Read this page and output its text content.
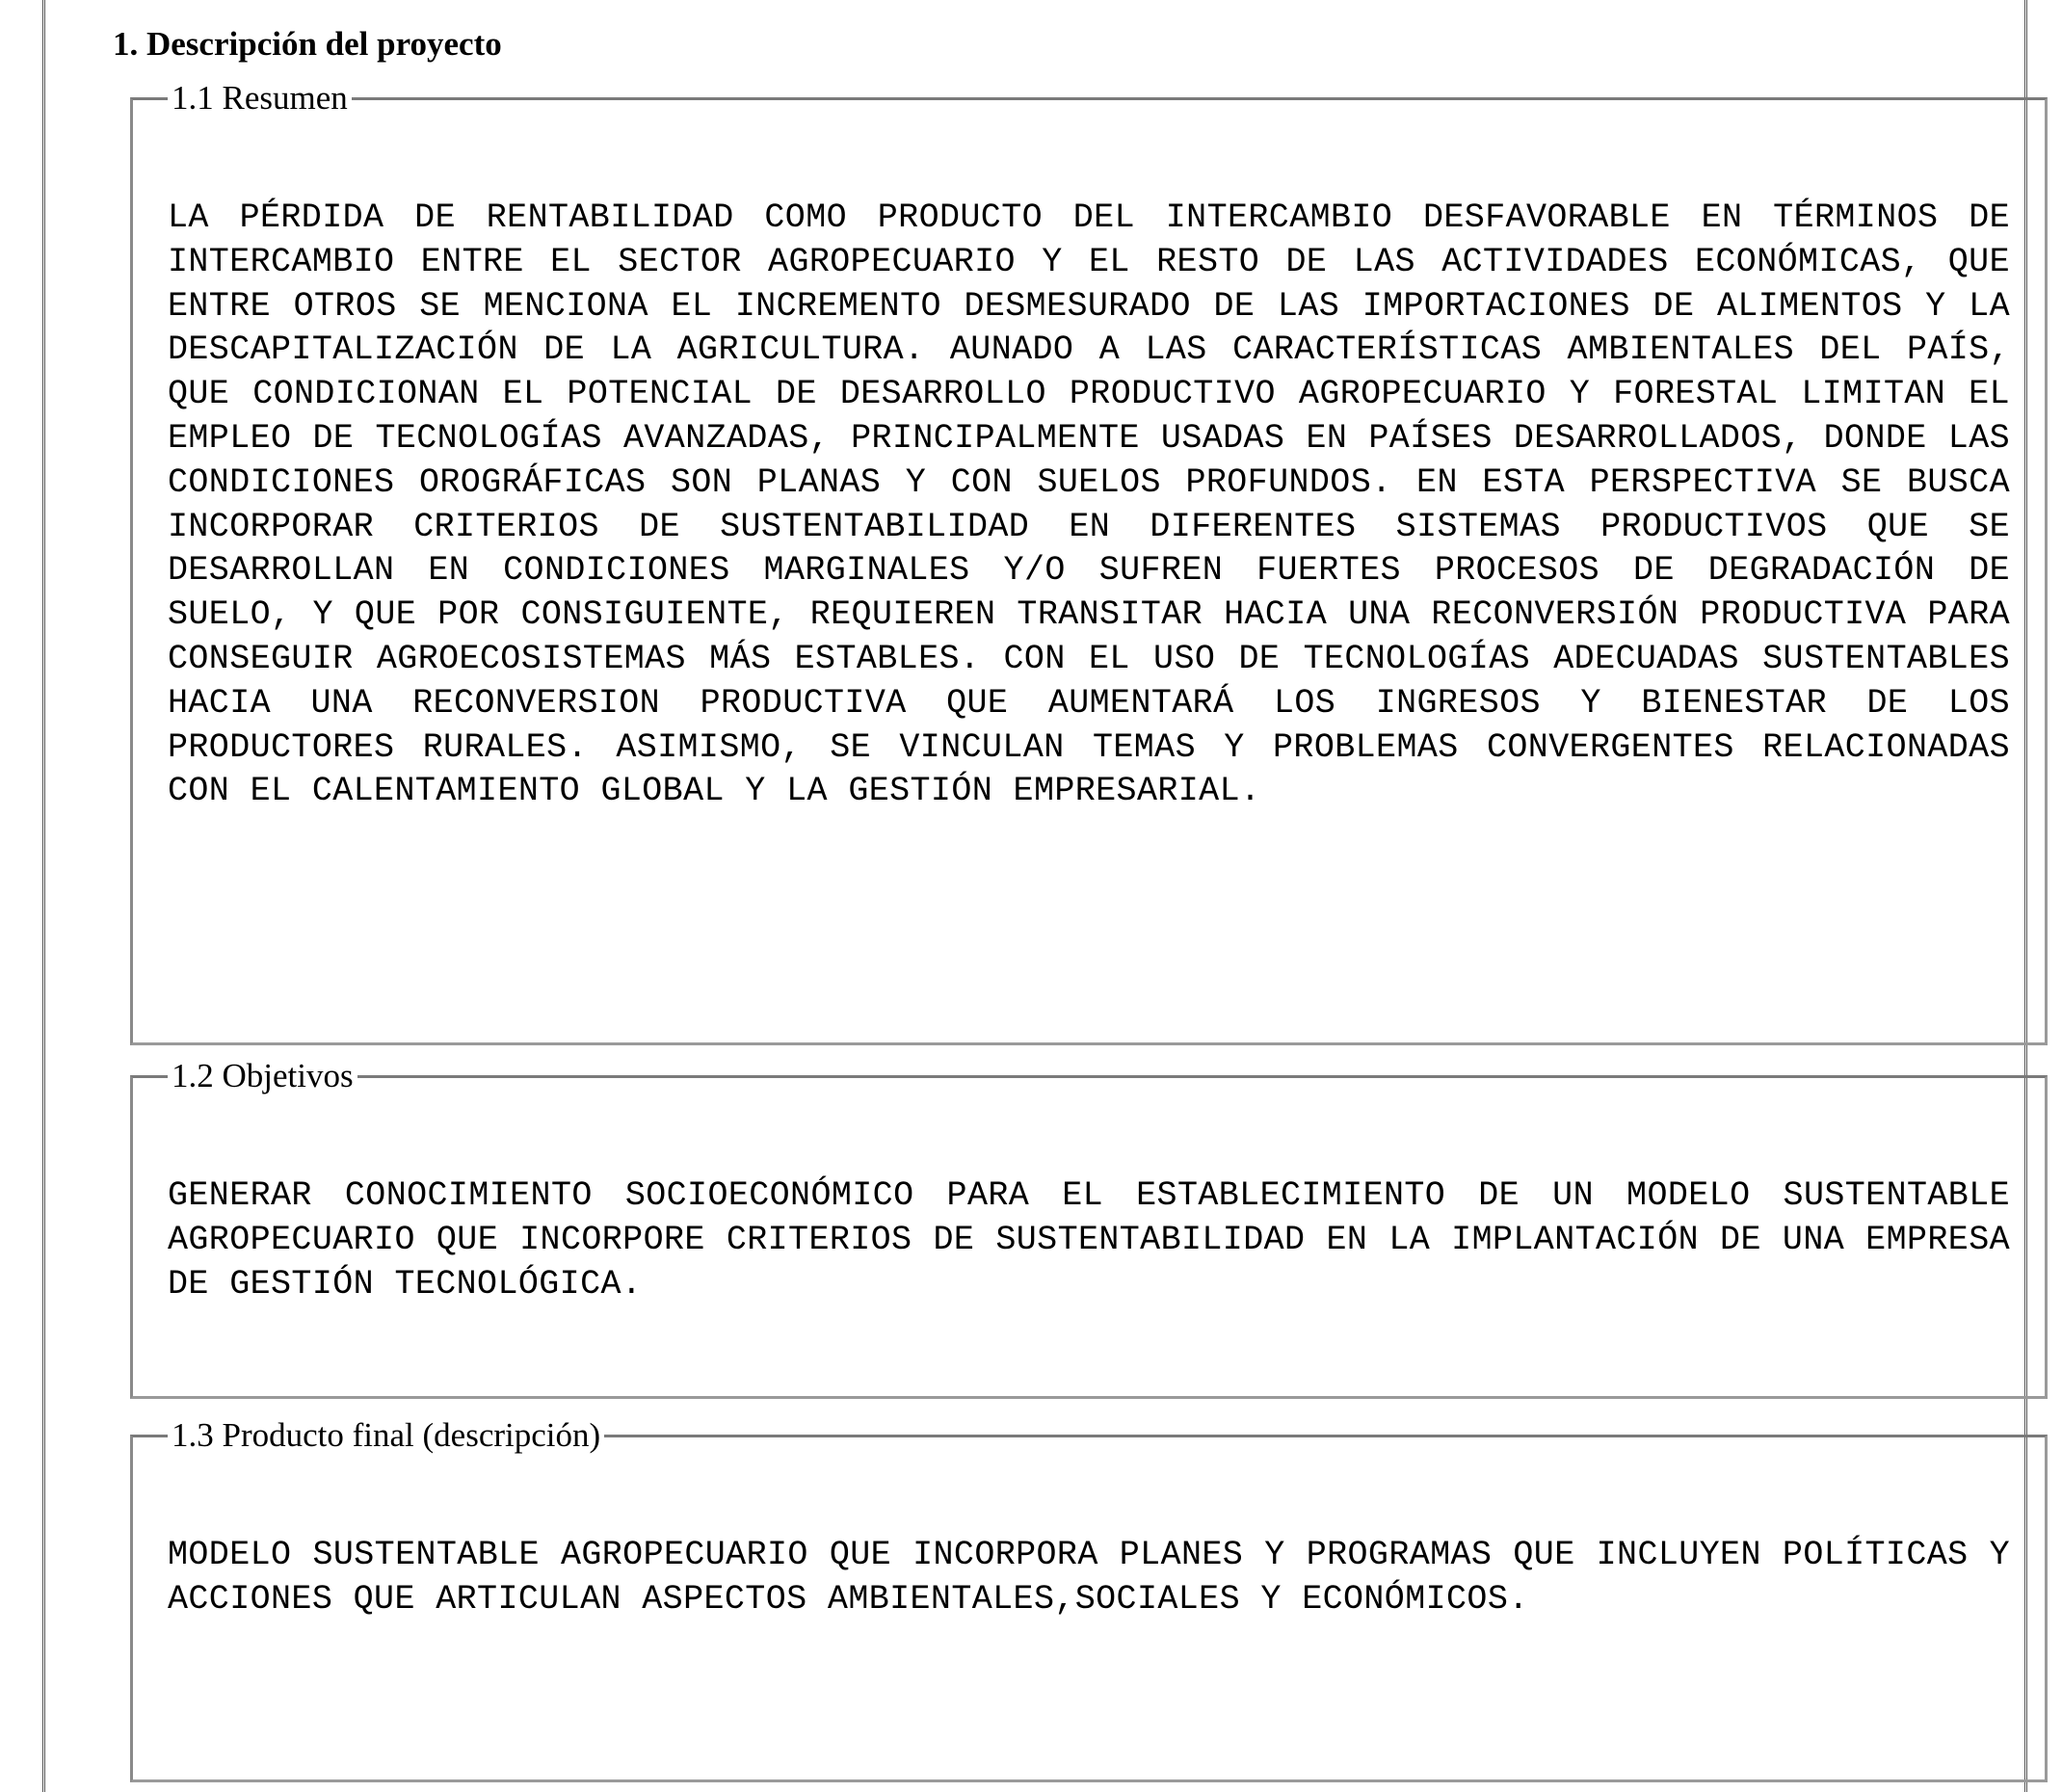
1. Descripción del proyecto
1.1 Resumen

LA PÉRDIDA DE RENTABILIDAD COMO PRODUCTO DEL INTERCAMBIO DESFAVORABLE EN TÉRMINOS DE INTERCAMBIO ENTRE EL SECTOR AGROPECUARIO Y EL RESTO DE LAS ACTIVIDADES ECONÓMICAS, QUE ENTRE OTROS SE MENCIONA EL INCREMENTO DESMESURADO DE LAS IMPORTACIONES DE ALIMENTOS Y LA DESCAPITALIZACIÓN DE LA AGRICULTURA. AUNADO A LAS CARACTERÍSTICAS AMBIENTALES DEL PAÍS, QUE CONDICIONAN EL POTENCIAL DE DESARROLLO PRODUCTIVO AGROPECUARIO Y FORESTAL LIMITAN EL EMPLEO DE TECNOLOGÍAS AVANZADAS, PRINCIPALMENTE USADAS EN PAÍSES DESARROLLADOS, DONDE LAS CONDICIONES OROGRÁFICAS SON PLANAS Y CON SUELOS PROFUNDOS. EN ESTA PERSPECTIVA SE BUSCA INCORPORAR CRITERIOS DE SUSTENTABILIDAD EN DIFERENTES SISTEMAS PRODUCTIVOS QUE SE DESARROLLAN EN CONDICIONES MARGINALES Y/O SUFREN FUERTES PROCESOS DE DEGRADACIÓN DE SUELO, Y QUE POR CONSIGUIENTE, REQUIEREN TRANSITAR HACIA UNA RECONVERSIÓN PRODUCTIVA PARA CONSEGUIR AGROECOSISTEMAS MÁS ESTABLES. CON EL USO DE TECNOLOGÍAS ADECUADAS SUSTENTABLES HACIA UNA RECONVERSION PRODUCTIVA QUE AUMENTARÁ LOS INGRESOS Y BIENESTAR DE LOS PRODUCTORES RURALES. ASIMISMO, SE VINCULAN TEMAS Y PROBLEMAS CONVERGENTES RELACIONADAS CON EL CALENTAMIENTO GLOBAL Y LA GESTIÓN EMPRESARIAL.

1.2 Objetivos

GENERAR CONOCIMIENTO SOCIOECONÓMICO PARA EL ESTABLECIMIENTO DE UN MODELO SUSTENTABLE AGROPECUARIO QUE INCORPORE CRITERIOS DE SUSTENTABILIDAD EN LA IMPLANTACIÓN DE UNA EMPRESA DE GESTIÓN TECNOLÓGICA.

1.3 Producto final (descripción)

MODELO SUSTENTABLE AGROPECUARIO QUE INCORPORA PLANES Y PROGRAMAS QUE INCLUYEN POLÍTICAS Y ACCIONES QUE ARTICULAN ASPECTOS AMBIENTALES,SOCIALES Y ECONÓMICOS.
